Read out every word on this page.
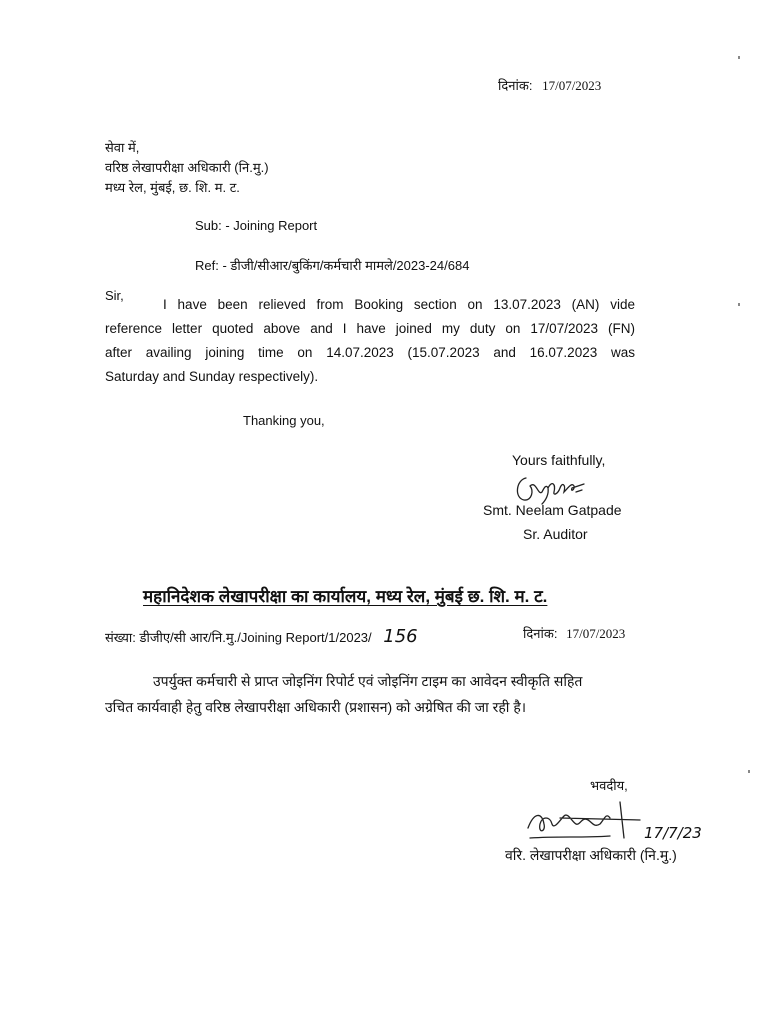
दिनांक: 17/07/2023
सेवा में,
वरिष्ठ लेखापरीक्षा अधिकारी (नि.मु.)
मध्य रेल, मुंबई, छ. शि. म. ट.
Sub: - Joining Report
Ref: - डीजी/सीआर/बुकिंग/कर्मचारी मामले/2023-24/684
Sir,
I have been relieved from Booking section on 13.07.2023 (AN) vide
reference letter quoted above and I have joined my duty on 17/07/2023 (FN)
after availing joining time on 14.07.2023 (15.07.2023 and 16.07.2023 was
Saturday and Sunday respectively).
Thanking you,
Yours faithfully,
Smt. Neelam Gatpade
Sr. Auditor
महानिदेशक लेखापरीक्षा का कार्यालय, मध्य रेल, मुंबई छ. शि. म. ट.
संख्या: डीजीए/सी आर/नि.मु./Joining Report/1/2023/ 156	दिनांक: 17/07/2023
उपर्युक्त कर्मचारी से प्राप्त जोइनिंग रिपोर्ट एवं जोइनिंग टाइम का आवेदन स्वीकृति सहित
उचित कार्यवाही हेतु वरिष्ठ लेखापरीक्षा अधिकारी (प्रशासन) को अग्रेषित की जा रही है।
भवदीय,
17/7/23
वरि. लेखापरीक्षा अधिकारी (नि.मु.)
